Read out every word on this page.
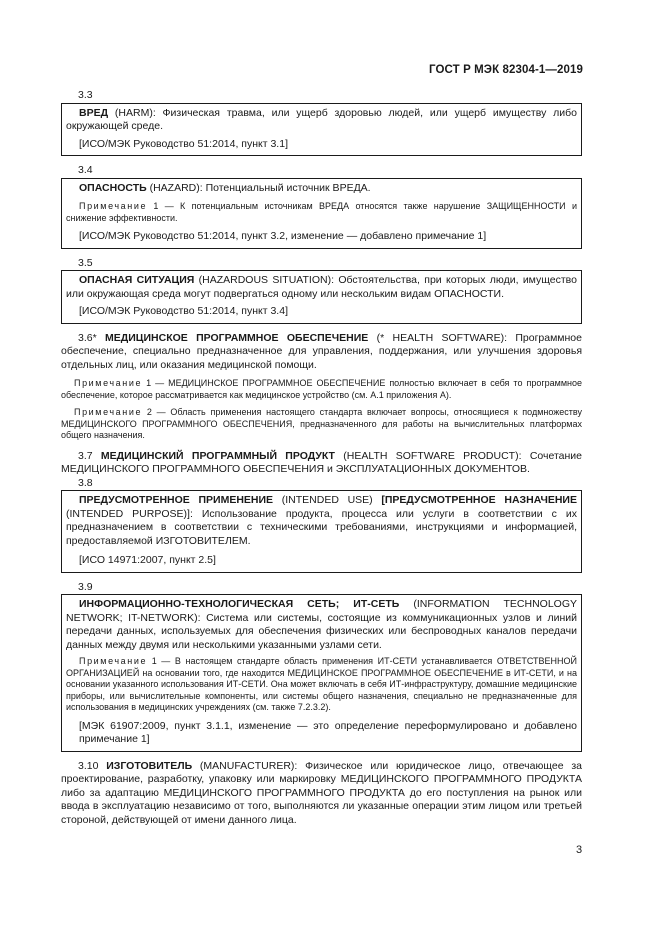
ГОСТ Р МЭК 82304-1—2019

3.3

ВРЕД (HARM): Физическая травма, или ущерб здоровью людей, или ущерб имуществу либо окружающей среде.

[ИСО/МЭК Руководство 51:2014, пункт 3.1]

3.4

ОПАСНОСТЬ (HAZARD): Потенциальный источник ВРЕДА.

Примечание 1 — К потенциальным источникам ВРЕДА относятся также нарушение ЗАЩИЩЕННОСТИ и снижение эффективности.

[ИСО/МЭК Руководство 51:2014, пункт 3.2, изменение — добавлено примечание 1]

3.5

ОПАСНАЯ СИТУАЦИЯ (HAZARDOUS SITUATION): Обстоятельства, при которых люди, имущество или окружающая среда могут подвергаться одному или нескольким видам ОПАСНОСТИ.

[ИСО/МЭК Руководство 51:2014, пункт 3.4]

3.6* МЕДИЦИНСКОЕ ПРОГРАММНОЕ ОБЕСПЕЧЕНИЕ (* HEALTH SOFTWARE): Программное обеспечение, специально предназначенное для управления, поддержания, или улучшения здоровья отдельных лиц, или оказания медицинской помощи.

Примечание 1 — МЕДИЦИНСКОЕ ПРОГРАММНОЕ ОБЕСПЕЧЕНИЕ полностью включает в себя то программное обеспечение, которое рассматривается как медицинское устройство (см. А.1 приложения А).

Примечание 2 — Область применения настоящего стандарта включает вопросы, относящиеся к подмножеству МЕДИЦИНСКОГО ПРОГРАММНОГО ОБЕСПЕЧЕНИЯ, предназначенного для работы на вычислительных платформах общего назначения.

3.7 МЕДИЦИНСКИЙ ПРОГРАММНЫЙ ПРОДУКТ (HEALTH SOFTWARE PRODUCT): Сочетание МЕДИЦИНСКОГО ПРОГРАММНОГО ОБЕСПЕЧЕНИЯ и ЭКСПЛУАТАЦИОННЫХ ДОКУМЕНТОВ.

3.8

ПРЕДУСМОТРЕННОЕ ПРИМЕНЕНИЕ (INTENDED USE) [ПРЕДУСМОТРЕННОЕ НАЗНАЧЕНИЕ (INTENDED PURPOSE)]: Использование продукта, процесса или услуги в соответствии с их предназначением в соответствии с техническими требованиями, инструкциями и информацией, предоставляемой ИЗГОТОВИТЕЛЕМ.

[ИСО 14971:2007, пункт 2.5]

3.9

ИНФОРМАЦИОННО-ТЕХНОЛОГИЧЕСКАЯ СЕТЬ; ИТ-СЕТЬ (INFORMATION TECHNOLOGY NETWORK; IT-NETWORK): Система или системы, состоящие из коммуникационных узлов и линий передачи данных, используемых для обеспечения физических или беспроводных каналов передачи данных между двумя или несколькими указанными узлами сети.

Примечание 1 — В настоящем стандарте область применения ИТ-СЕТИ устанавливается ОТВЕТСТВЕННОЙ ОРГАНИЗАЦИЕЙ на основании того, где находится МЕДИЦИНСКОЕ ПРОГРАММНОЕ ОБЕСПЕЧЕНИЕ в ИТ-СЕТИ, и на основании указанного использования ИТ-СЕТИ. Она может включать в себя ИТ-инфраструктуру, домашние медицинские приборы, или вычислительные компоненты, или системы общего назначения, специально не предназначенные для использования в медицинских учреждениях (см. также 7.2.3.2).

[МЭК 61907:2009, пункт 3.1.1, изменение — это определение переформулировано и добавлено примечание 1]

3.10 ИЗГОТОВИТЕЛЬ (MANUFACTURER): Физическое или юридическое лицо, отвечающее за проектирование, разработку, упаковку или маркировку МЕДИЦИНСКОГО ПРОГРАММНОГО ПРОДУКТА либо за адаптацию МЕДИЦИНСКОГО ПРОГРАММНОГО ПРОДУКТА до его поступления на рынок или ввода в эксплуатацию независимо от того, выполняются ли указанные операции этим лицом или третьей стороной, действующей от имени данного лица.

3
